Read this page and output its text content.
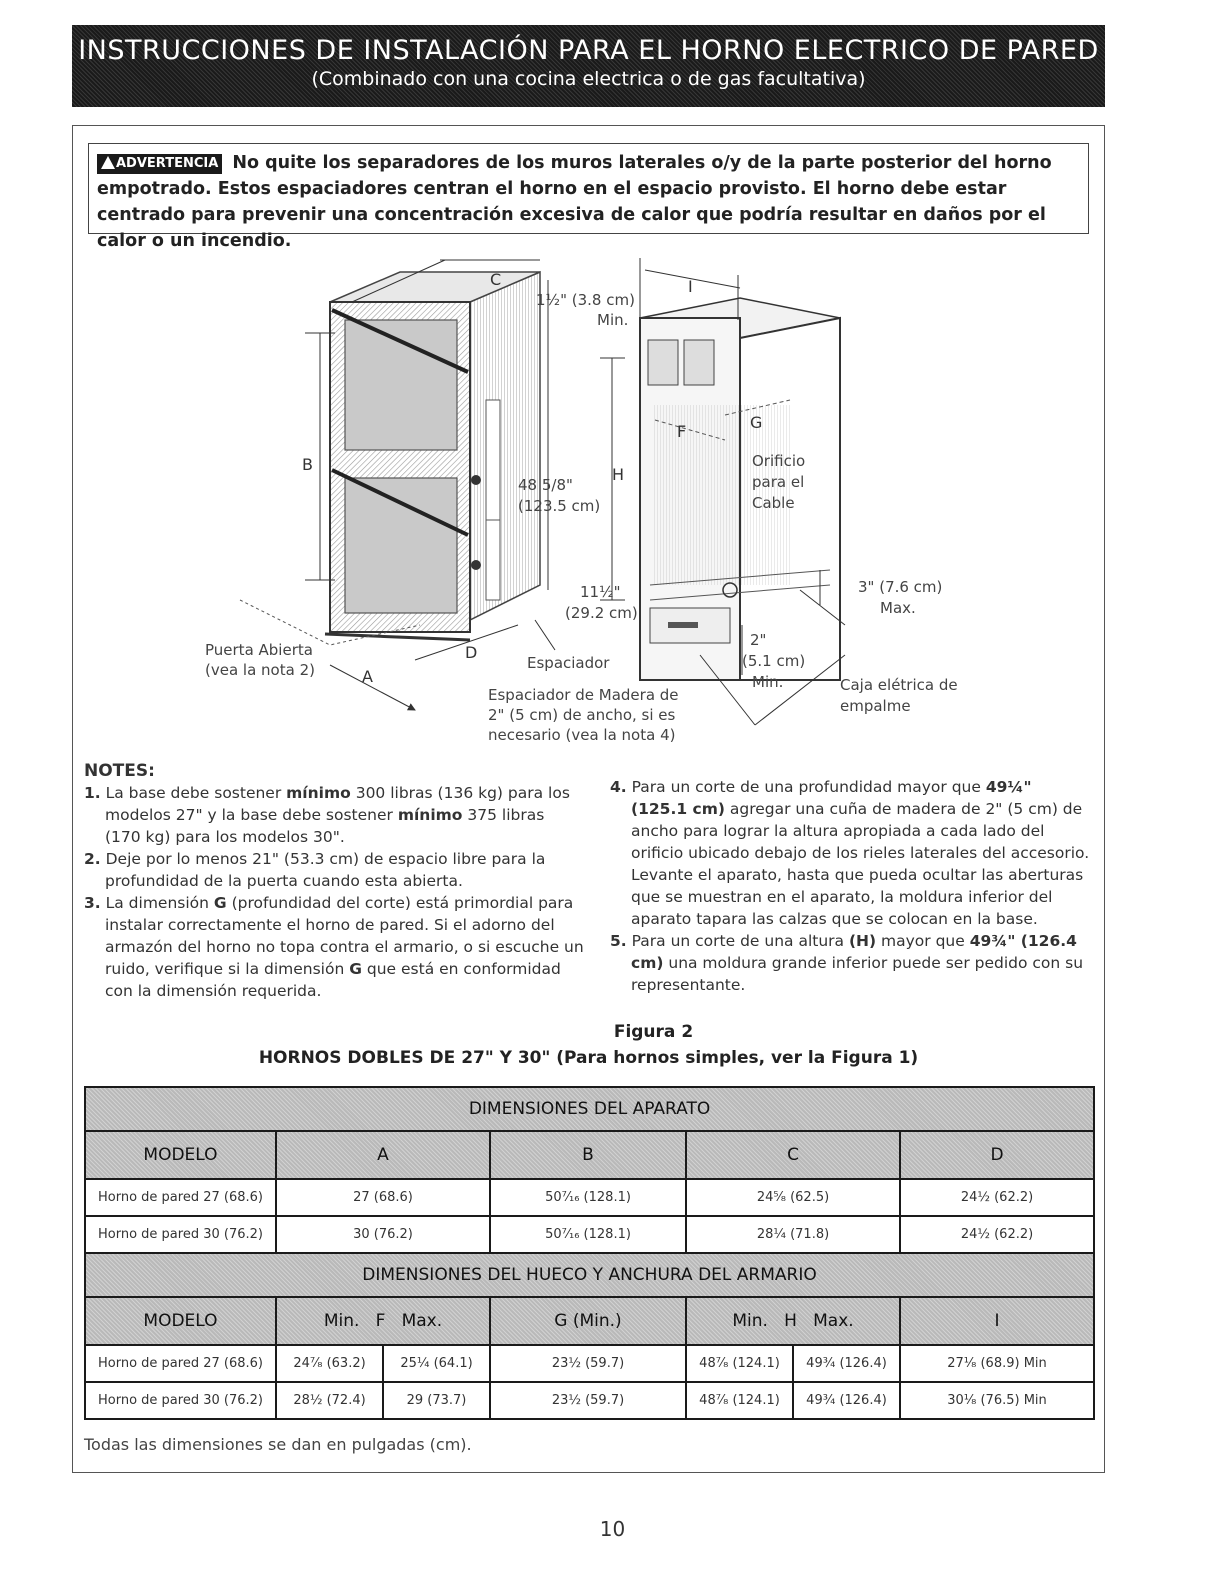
INSTRUCCIONES DE INSTALACIÓN PARA EL HORNO ELECTRICO DE PARED
(Combinado con una cocina electrica o de gas facultativa)
ADVERTENCIA No quite los separadores de los muros laterales o/y de la parte posterior del horno empotrado. Estos espaciadores centran el horno en el espacio provisto. El horno debe estar centrado para prevenir una concentración excesiva de calor que podría resultar en daños por el calor o un incendio.
B
C
D
A
Puerta Abierta
(vea la nota 2)
48 5/8"
(123.5 cm)
1½" (3.8 cm)
Min.
H
I
F	G
Orificio
para el
Cable
11½"
(29.2 cm)
Espaciador
Espaciador de Madera de
2" (5 cm) de ancho, si es
necesario (vea la nota 4)
3" (7.6 cm)
Max.
2"
(5.1 cm)
Min.	Caja elétrica de
empalme
NOTES:
1. La base debe sostener mínimo 300 libras (136 kg) para los modelos 27" y la base debe sostener mínimo 375 libras (170 kg) para los modelos 30".
2. Deje por lo menos 21" (53.3 cm) de espacio libre para la profundidad de la puerta cuando esta abierta.
3. La dimensión G (profundidad del corte) está primordial para instalar correctamente el horno de pared. Si el adorno del armazón del horno no topa contra el armario, o si escuche un ruido, verifique si la dimensión G que está en conformidad con la dimensión requerida.
4. Para un corte de una profundidad mayor que 49¼" (125.1 cm) agregar una cuña de madera de 2" (5 cm) de ancho para lograr la altura apropiada a cada lado del orificio ubicado debajo de los rieles laterales del accesorio. Levante el aparato, hasta que pueda ocultar las aberturas que se muestran en el aparato, la moldura inferior del aparato tapara las calzas que se colocan en la base.
5. Para un corte de una altura (H) mayor que 49¾" (126.4 cm) una moldura grande inferior puede ser pedido con su representante.
Figura 2
HORNOS DOBLES DE 27" Y 30" (Para hornos simples, ver la Figura 1)
DIMENSIONES DEL APARATO				
MODELO	A	B	C	D
Horno de pared 27 (68.6)	27 (68.6)	50⁷⁄₁₆ (128.1)	24⁵⁄₈ (62.5)	24½ (62.2)
Horno de pared 30 (76.2)	30 (76.2)	50⁷⁄₁₆ (128.1)	28¼ (71.8)	24½ (62.2)
DIMENSIONES DEL HUECO Y ANCHURA DEL ARMARIO						
MODELO	Min.   F   Max.		G (Min.)	Min.   H   Max.		I
Horno de pared 27 (68.6)	24⁷⁄₈ (63.2)	25¼ (64.1)	23½ (59.7)	48⁷⁄₈ (124.1)	49¾ (126.4)	27¹⁄₈ (68.9) Min
Horno de pared 30 (76.2)	28½ (72.4)	29 (73.7)	23½ (59.7)	48⁷⁄₈ (124.1)	49¾ (126.4)	30¹⁄₈ (76.5) Min
Todas las dimensiones se dan en pulgadas (cm).
10
